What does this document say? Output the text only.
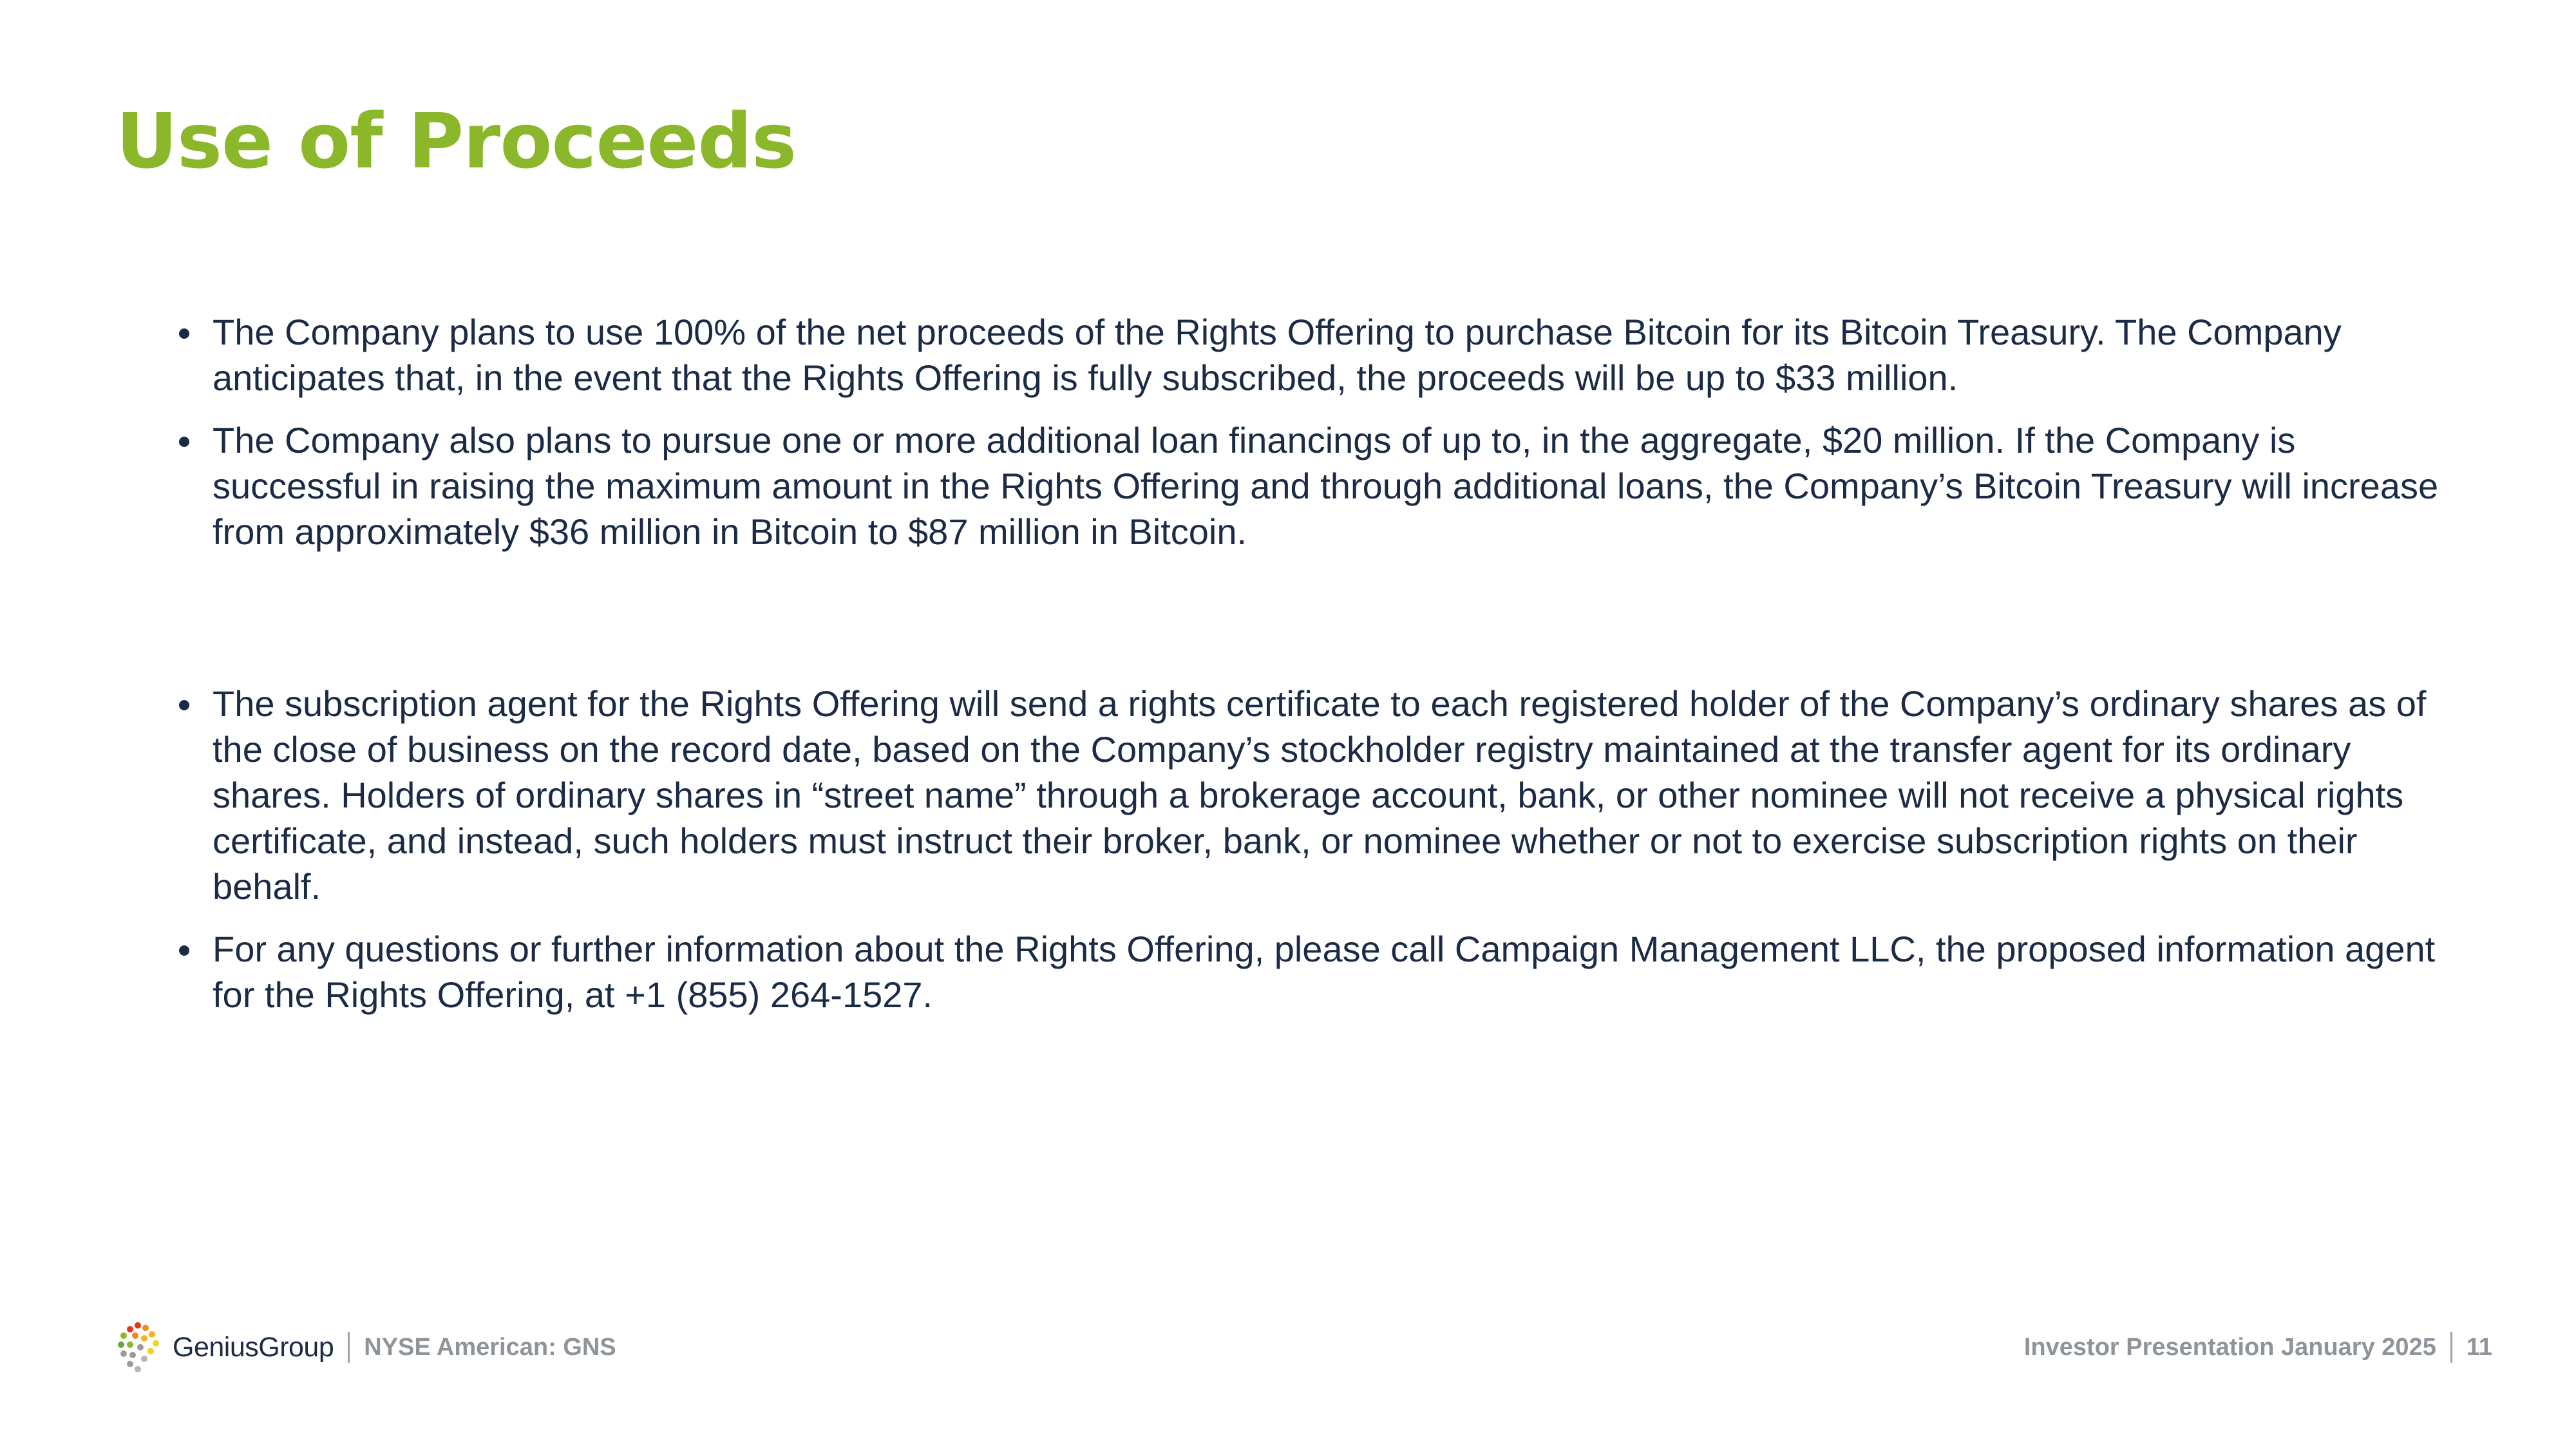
Use of Proceeds
The Company plans to use 100% of the net proceeds of the Rights Offering to purchase Bitcoin for its Bitcoin Treasury. The Company anticipates that, in the event that the Rights Offering is fully subscribed, the proceeds will be up to $33 million.
The Company also plans to pursue one or more additional loan financings of up to, in the aggregate, $20 million. If the Company is successful in raising the maximum amount in the Rights Offering and through additional loans, the Company’s Bitcoin Treasury will increase from approximately $36 million in Bitcoin to $87 million in Bitcoin.
The subscription agent for the Rights Offering will send a rights certificate to each registered holder of the Company’s ordinary shares as of the close of business on the record date, based on the Company’s stockholder registry maintained at the transfer agent for its ordinary shares. Holders of ordinary shares in “street name” through a brokerage account, bank, or other nominee will not receive a physical rights certificate, and instead, such holders must instruct their broker, bank, or nominee whether or not to exercise subscription rights on their behalf.
For any questions or further information about the Rights Offering, please call Campaign Management LLC, the proposed information agent for the Rights Offering, at +1 (855) 264-1527.
GeniusGroup NYSE American: GNS	Investor Presentation January 2025 11
